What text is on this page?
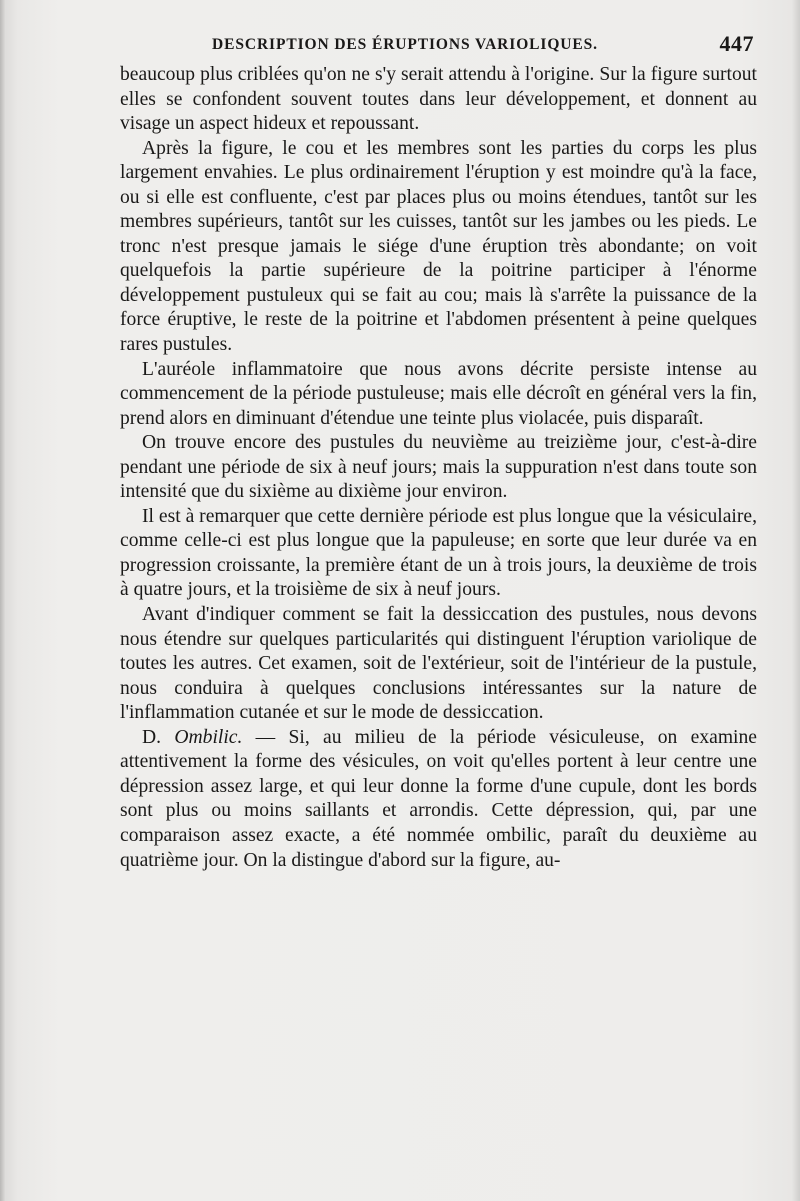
DESCRIPTION DES ÉRUPTIONS VARIOLIQUES.	447

beaucoup plus criblées qu'on ne s'y serait attendu à l'origine. Sur la figure surtout elles se confondent souvent toutes dans leur développement, et donnent au visage un aspect hideux et repoussant.

Après la figure, le cou et les membres sont les parties du corps les plus largement envahies. Le plus ordinairement l'éruption y est moindre qu'à la face, ou si elle est confluente, c'est par places plus ou moins étendues, tantôt sur les membres supérieurs, tantôt sur les cuisses, tantôt sur les jambes ou les pieds. Le tronc n'est presque jamais le siége d'une éruption très abondante; on voit quelquefois la partie supérieure de la poitrine participer à l'énorme développement pustuleux qui se fait au cou; mais là s'arrête la puissance de la force éruptive, le reste de la poitrine et l'abdomen présentent à peine quelques rares pustules.

L'auréole inflammatoire que nous avons décrite persiste intense au commencement de la période pustuleuse; mais elle décroît en général vers la fin, prend alors en diminuant d'étendue une teinte plus violacée, puis disparaît.

On trouve encore des pustules du neuvième au treizième jour, c'est-à-dire pendant une période de six à neuf jours; mais la suppuration n'est dans toute son intensité que du sixième au dixième jour environ.

Il est à remarquer que cette dernière période est plus longue que la vésiculaire, comme celle-ci est plus longue que la papuleuse; en sorte que leur durée va en progression croissante, la première étant de un à trois jours, la deuxième de trois à quatre jours, et la troisième de six à neuf jours.

Avant d'indiquer comment se fait la dessiccation des pustules, nous devons nous étendre sur quelques particularités qui distinguent l'éruption variolique de toutes les autres. Cet examen, soit de l'extérieur, soit de l'intérieur de la pustule, nous conduira à quelques conclusions intéressantes sur la nature de l'inflammation cutanée et sur le mode de dessiccation.

D. Ombilic. — Si, au milieu de la période vésiculeuse, on examine attentivement la forme des vésicules, on voit qu'elles portent à leur centre une dépression assez large, et qui leur donne la forme d'une cupule, dont les bords sont plus ou moins saillants et arrondis. Cette dépression, qui, par une comparaison assez exacte, a été nommée ombilic, paraît du deuxième au quatrième jour. On la distingue d'abord sur la figure, au-
